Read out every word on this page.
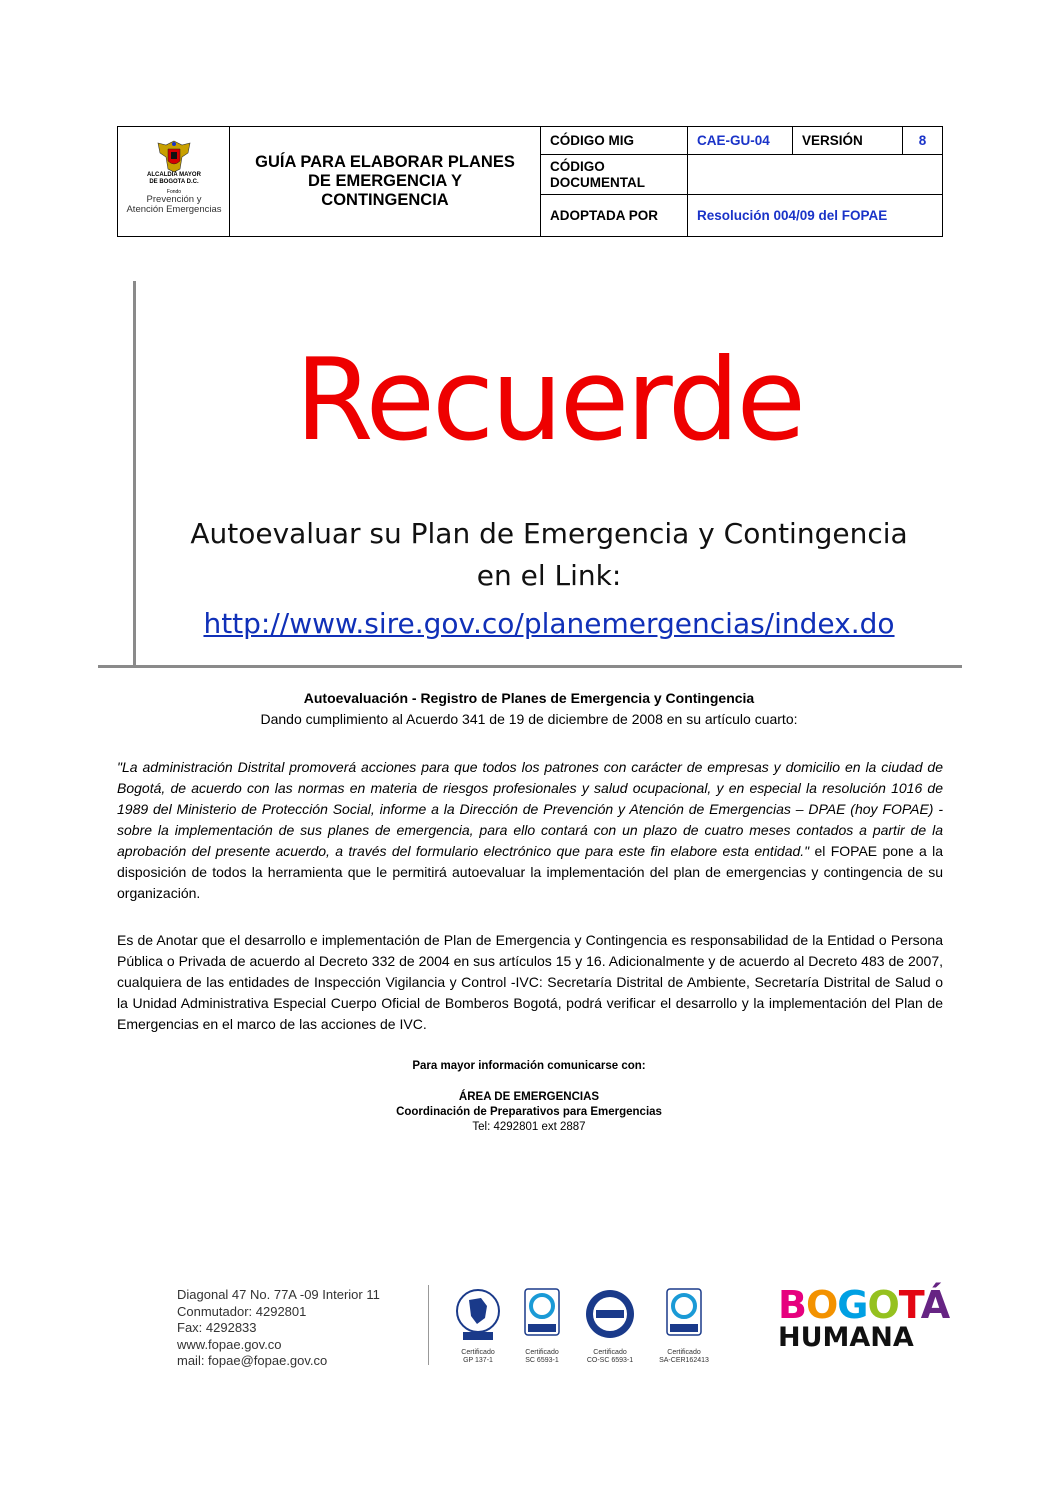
ALCALDIA MAYOR
DE BOGOTA D.C.
Fondo
Prevención y
Atención Emergencias
GUÍA PARA ELABORAR PLANES DE EMERGENCIA Y CONTINGENCIA
CÓDIGO MIG	CAE-GU-04	VERSIÓN	8
CÓDIGO DOCUMENTAL
ADOPTADA POR	Resolución 004/09 del FOPAE
Recuerde
Autoevaluar su Plan de Emergencia y Contingencia
en el Link:
http://www.sire.gov.co/planemergencias/index.do
Autoevaluación - Registro de Planes de Emergencia y Contingencia
Dando cumplimiento al Acuerdo 341 de 19 de diciembre de 2008 en su artículo cuarto:
"La administración Distrital promoverá acciones para que todos los patrones con carácter de empresas y domicilio en la ciudad de Bogotá, de acuerdo con las normas en materia de riesgos profesionales y salud ocupacional, y en especial la resolución 1016 de 1989 del Ministerio de Protección Social, informe a la Dirección de Prevención y Atención de Emergencias – DPAE (hoy FOPAE) - sobre la implementación de sus planes de emergencia, para ello contará con un plazo de cuatro meses contados a partir de la aprobación del presente acuerdo, a través del formulario electrónico que para este fin elabore esta entidad." el FOPAE pone a la disposición de todos la herramienta que le permitirá autoevaluar la implementación del plan de emergencias y contingencia de su organización.
Es de Anotar que el desarrollo e implementación de Plan de Emergencia y Contingencia es responsabilidad de la Entidad o Persona Pública o Privada de acuerdo al Decreto 332 de 2004 en sus artículos 15 y 16. Adicionalmente y de acuerdo al Decreto 483 de 2007, cualquiera de las entidades de Inspección Vigilancia y Control -IVC: Secretaría Distrital de Ambiente, Secretaría Distrital de Salud o la Unidad Administrativa Especial Cuerpo Oficial de Bomberos Bogotá, podrá verificar el desarrollo y la implementación del Plan de Emergencias en el marco de las acciones de IVC.
Para mayor información comunicarse con:
ÁREA DE EMERGENCIAS
Coordinación de Preparativos para Emergencias
Tel: 4292801 ext 2887
Diagonal 47 No. 77A -09 Interior 11
Conmutador: 4292801
Fax: 4292833
www.fopae.gov.co
mail: fopae@fopae.gov.co
Certificado
GP 137-1
Certificado
SC 6593-1
Certificado
CO-SC 6593-1
Certificado
SA-CER162413
BOGOTÁ
HUMANA
